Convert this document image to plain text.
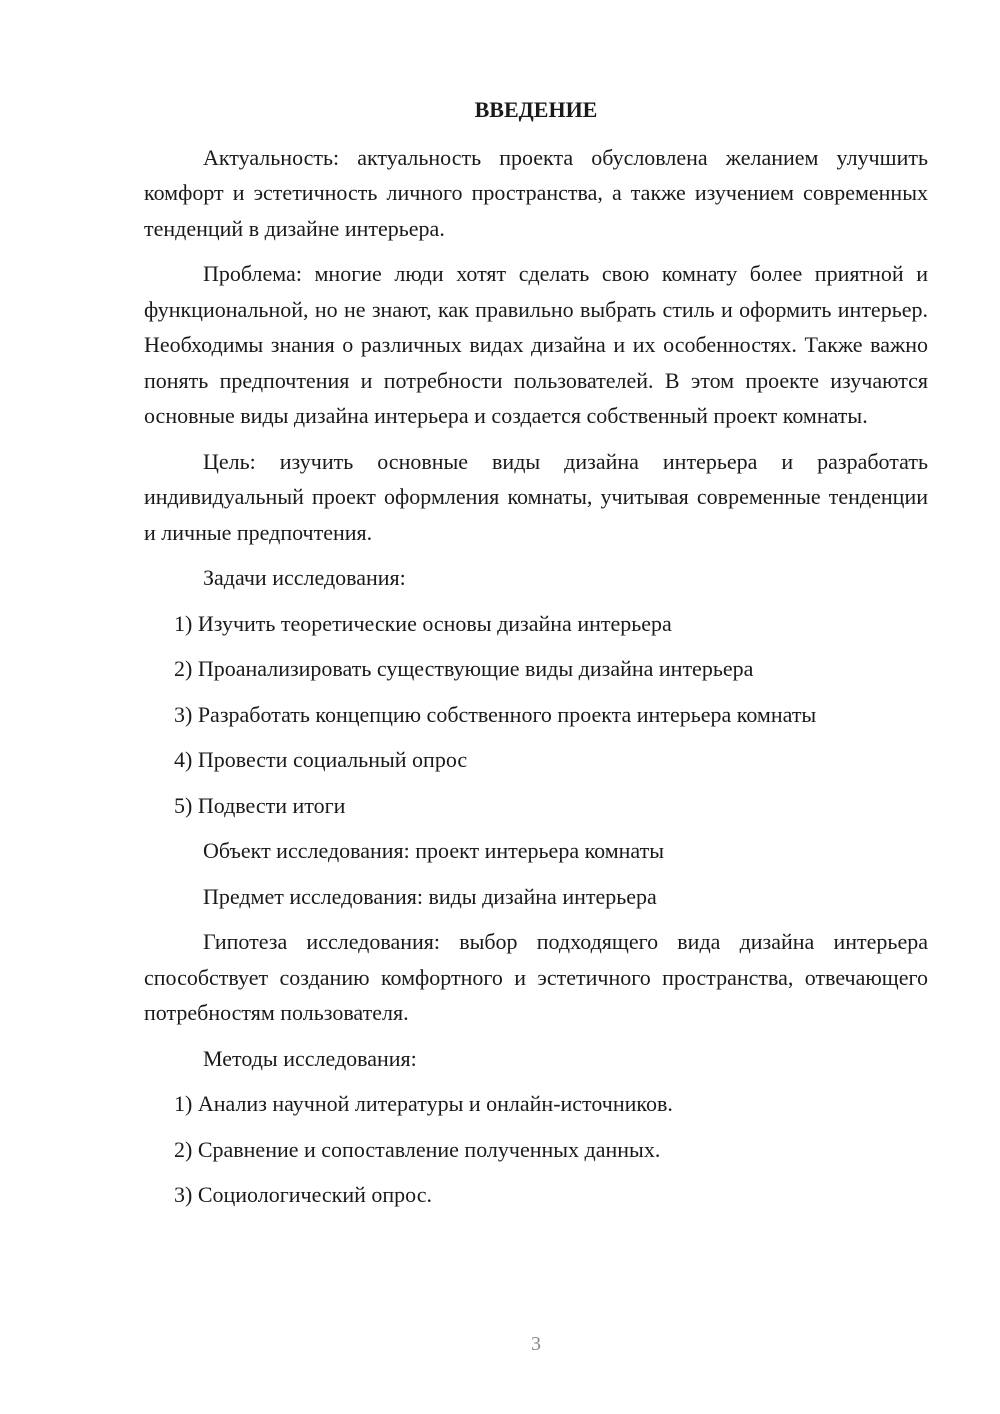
ВВЕДЕНИЕ
Актуальность: актуальность проекта обусловлена желанием улучшить комфорт и эстетичность личного пространства, а также изучением современных тенденций в дизайне интерьера.
Проблема: многие люди хотят сделать свою комнату более приятной и функциональной, но не знают, как правильно выбрать стиль и оформить интерьер. Необходимы знания о различных видах дизайна и их особенностях. Также важно понять предпочтения и потребности пользователей. В этом проекте изучаются основные виды дизайна интерьера и создается собственный проект комнаты.
Цель: изучить основные виды дизайна интерьера и разработать индивидуальный проект оформления комнаты, учитывая современные тенденции и личные предпочтения.
Задачи исследования:
1) Изучить теоретические основы дизайна интерьера
2) Проанализировать существующие виды дизайна интерьера
3) Разработать концепцию собственного проекта интерьера комнаты
4) Провести социальный опрос
5) Подвести итоги
Объект исследования: проект интерьера комнаты
Предмет исследования: виды дизайна интерьера
Гипотеза исследования: выбор подходящего вида дизайна интерьера способствует созданию комфортного и эстетичного пространства, отвечающего потребностям пользователя.
Методы исследования:
1) Анализ научной литературы и онлайн-источников.
2) Сравнение и сопоставление полученных данных.
3) Социологический опрос.
3
